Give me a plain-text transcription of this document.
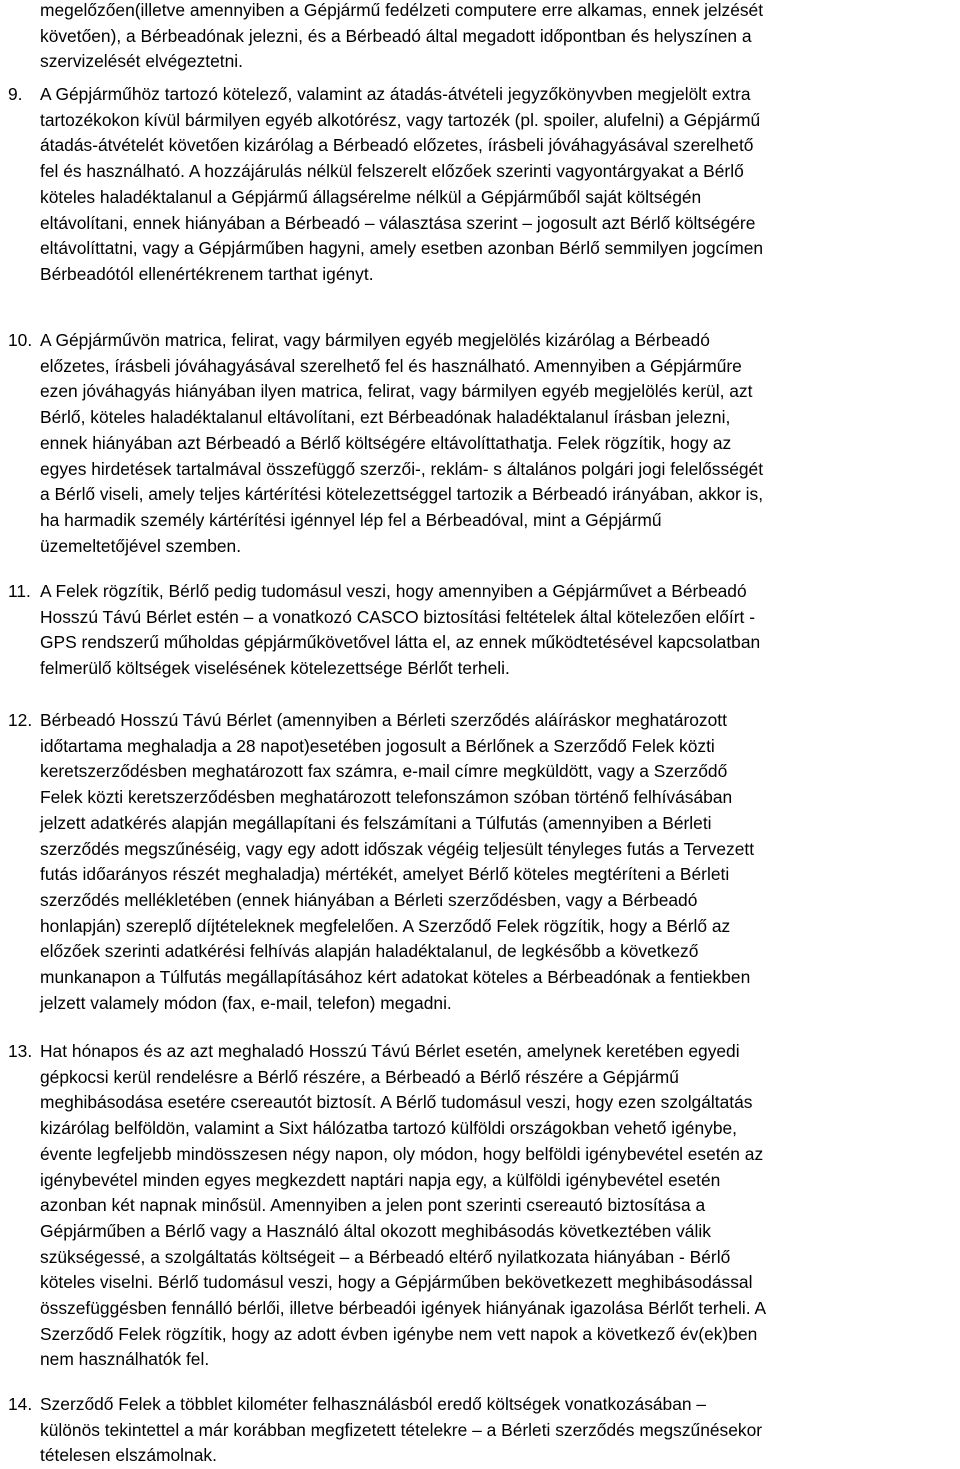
megelőzően(illetve amennyiben a Gépjármű fedélzeti computere erre alkamas, ennek jelzését
követően), a Bérbeadónak jelezni, és a Bérbeadó által megadott időpontban és helyszínen a
szervizelését elvégeztetni.
9. A Gépjárműhöz tartozó kötelező, valamint az átadás-átvételi jegyzőkönyvben megjelölt extra
tartozékokon kívül bármilyen egyéb alkotórész, vagy tartozék (pl. spoiler, alufelni) a Gépjármű
átadás-átvételét követően kizárólag a Bérbeadó előzetes, írásbeli jóváhagyásával szerelhető
fel és használható. A hozzájárulás nélkül felszerelt előzőek szerinti vagyontárgyakat a Bérlő
köteles haladéktalanul a Gépjármű állagsérelme nélkül a Gépjárműből saját költségén
eltávolítani, ennek hiányában a Bérbeadó – választása szerint – jogosult azt Bérlő költségére
eltávolíttatni, vagy a Gépjárműben hagyni, amely esetben azonban Bérlő semmilyen jogcímen
Bérbeadótól ellenértékrenem tarthat igényt.
10. A Gépjárművön matrica, felirat, vagy bármilyen egyéb megjelölés kizárólag a Bérbeadó
előzetes, írásbeli jóváhagyásával szerelhető fel és használható. Amennyiben a Gépjárműre
ezen jóváhagyás hiányában ilyen matrica, felirat, vagy bármilyen egyéb megjelölés kerül, azt
Bérlő, köteles haladéktalanul eltávolítani, ezt Bérbeadónak haladéktalanul írásban jelezni,
ennek hiányában azt Bérbeadó a Bérlő költségére eltávolíttathatja. Felek rögzítik, hogy az
egyes hirdetések tartalmával összefüggő szerzői-, reklám- s általános polgári jogi felelősségét
a Bérlő viseli, amely teljes kártérítési kötelezettséggel tartozik a Bérbeadó irányában, akkor is,
ha harmadik személy kártérítési igénnyel lép fel a Bérbeadóval, mint a Gépjármű
üzemeltetőjével szemben.
11. A Felek rögzítik, Bérlő pedig tudomásul veszi, hogy amennyiben a Gépjárművet a Bérbeadó
Hosszú Távú Bérlet estén – a vonatkozó CASCO biztosítási feltételek által kötelezően előírt -
GPS rendszerű műholdas gépjárműkövetővel látta el, az ennek működtetésével kapcsolatban
felmerülő költségek viselésének kötelezettsége Bérlőt terheli.
12. Bérbeadó Hosszú Távú Bérlet (amennyiben a Bérleti szerződés aláíráskor meghatározott
időtartama meghaladja a 28 napot)esetében jogosult a Bérlőnek a Szerződő Felek közti
keretszerződésben meghatározott fax számra, e-mail címre megküldött, vagy a Szerződő
Felek közti keretszerződésben meghatározott telefonszámon szóban történő felhívásában
jelzett adatkérés alapján megállapítani és felszámítani a Túlfutás (amennyiben a Bérleti
szerződés megszűnéséig, vagy egy adott időszak végéig teljesült tényleges futás a Tervezett
futás időarányos részét meghaladja) mértékét, amelyet Bérlő köteles megtéríteni a Bérleti
szerződés mellékletében (ennek hiányában a Bérleti szerződésben, vagy a Bérbeadó
honlapján) szereplő díjtételeknek megfelelően. A Szerződő Felek rögzítik, hogy a Bérlő az
előzőek szerinti adatkérési felhívás alapján haladéktalanul, de legkésőbb a következő
munkanapon a Túlfutás megállapításához kért adatokat köteles a Bérbeadónak a fentiekben
jelzett valamely módon (fax, e-mail, telefon) megadni.
13. Hat hónapos és az azt meghaladó Hosszú Távú Bérlet esetén, amelynek keretében egyedi
gépkocsi kerül rendelésre a Bérlő részére, a Bérbeadó a Bérlő részére a Gépjármű
meghibásodása esetére csereautót biztosít. A Bérlő tudomásul veszi, hogy ezen szolgáltatás
kizárólag belföldön, valamint a Sixt hálózatba tartozó külföldi országokban vehető igénybe,
évente legfeljebb mindösszesen négy napon, oly módon, hogy belföldi igénybevétel esetén az
igénybevétel minden egyes megkezdett naptári napja egy, a külföldi igénybevétel esetén
azonban két napnak minősül. Amennyiben a jelen pont szerinti csereautó biztosítása a
Gépjárműben a Bérlő vagy a Használó által okozott meghibásodás következtében válik
szükségessé, a szolgáltatás költségeit – a Bérbeadó eltérő nyilatkozata hiányában - Bérlő
köteles viselni. Bérlő tudomásul veszi, hogy a Gépjárműben bekövetkezett meghibásodással
összefüggésben fennálló bérlői, illetve bérbeadói igények hiányának igazolása Bérlőt terheli. A
Szerződő Felek rögzítik, hogy az adott évben igénybe nem vett napok a következő év(ek)ben
nem használhatók fel.
14. Szerződő Felek a többlet kilométer felhasználásból eredő költségek vonatkozásában –
különös tekintettel a már korábban megfizetett tételekre – a Bérleti szerződés megszűnésekor
tételesen elszámolnak.
